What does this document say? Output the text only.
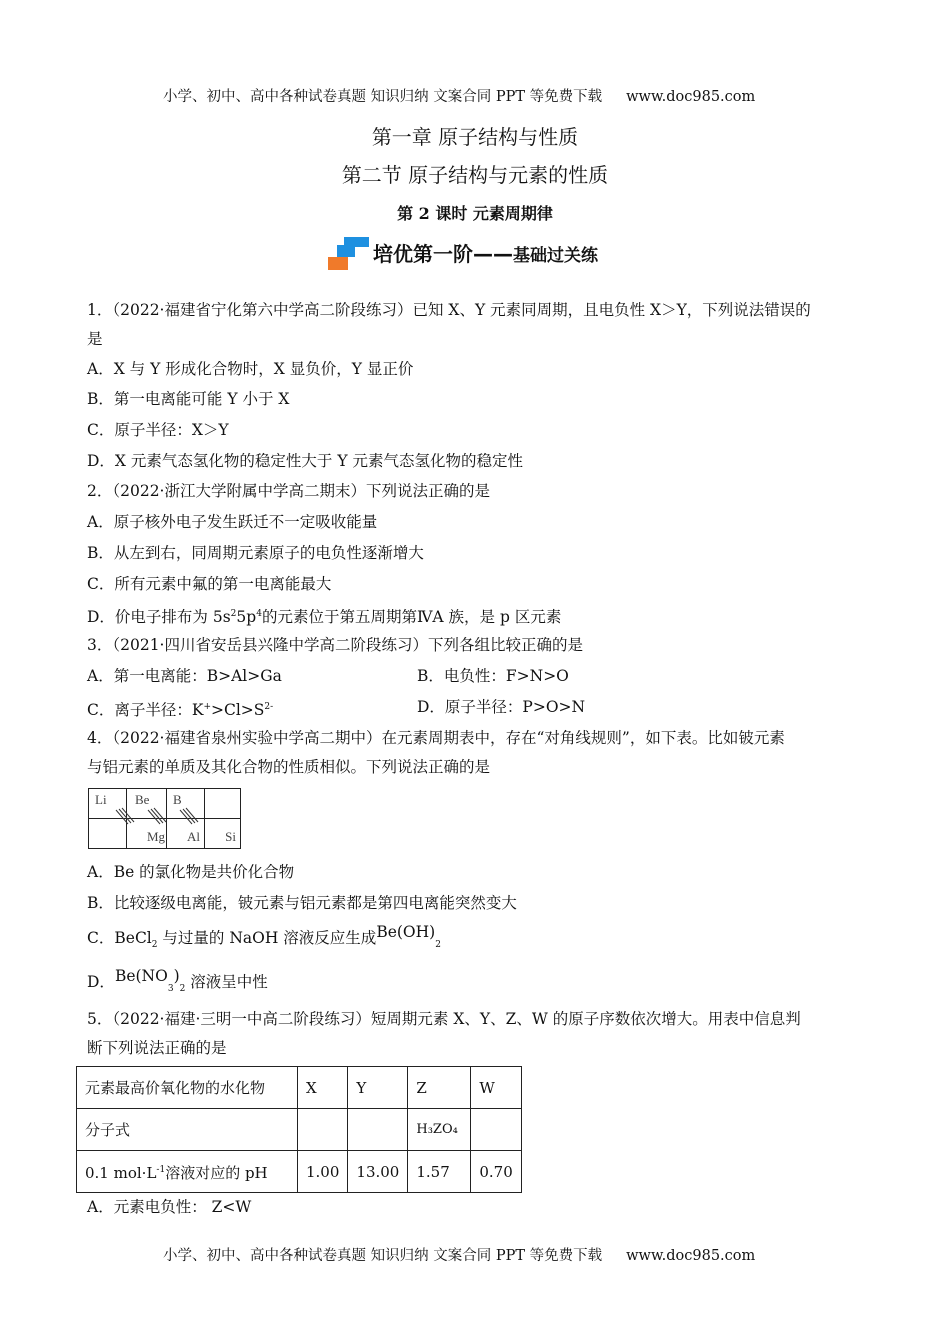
小学、初中、高中各种试卷真题 知识归纳 文案合同 PPT 等免费下载 www.doc985.com
第一章 原子结构与性质
第二节 原子结构与元素的性质
第 2 课时 元素周期律
培优第一阶——基础过关练
1．（2022·福建省宁化第六中学高二阶段练习）已知 X、Y 元素同周期，且电负性 X＞Y，下列说法错误的
是
A．X 与 Y 形成化合物时，X 显负价，Y 显正价
B．第一电离能可能 Y 小于 X
C．原子半径：X＞Y
D．X 元素气态氢化物的稳定性大于 Y 元素气态氢化物的稳定性
2．（2022·浙江大学附属中学高二期末）下列说法正确的是
A．原子核外电子发生跃迁不一定吸收能量
B．从左到右，同周期元素原子的电负性逐渐增大
C．所有元素中氟的第一电离能最大
D．价电子排布为 $5s^25p^4$的元素位于第五周期第ⅣA 族，是 p 区元素
3．（2021·四川省安岳县兴隆中学高二阶段练习）下列各组比较正确的是
A．第一电离能：B>Al>Ga	B．电负性：F>N>O
C．离子半径：$K^+>Cl>S^{2-}$	D．原子半径：P>O>N
4．（2022·福建省泉州实验中学高二期中）在元素周期表中，存在“对角线规则”，如下表。比如铍元素
与铝元素的单质及其化合物的性质相似。下列说法正确的是
Li	Be	B	
	Mg	Al	Si
A．Be 的氯化物是共价化合物
B．比较逐级电离能，铍元素与铝元素都是第四电离能突然变大
C．BeCl$_2$ 与过量的 NaOH 溶液反应生成$Be(OH)_2$
D．$Be(NO_3)_2$ 溶液呈中性
5．（2022·福建·三明一中高二阶段练习）短周期元素 X、Y、Z、W 的原子序数依次增大。用表中信息判
断下列说法正确的是
元素最高价氧化物的水化物	X	Y	Z	W
分子式			H₃ZO₄	
0.1 $mol\cdot L^{-1}$溶液对应的 pH	1.00	13.00	1.57	0.70
A．元素电负性： Z<W
小学、初中、高中各种试卷真题 知识归纳 文案合同 PPT 等免费下载 www.doc985.com
